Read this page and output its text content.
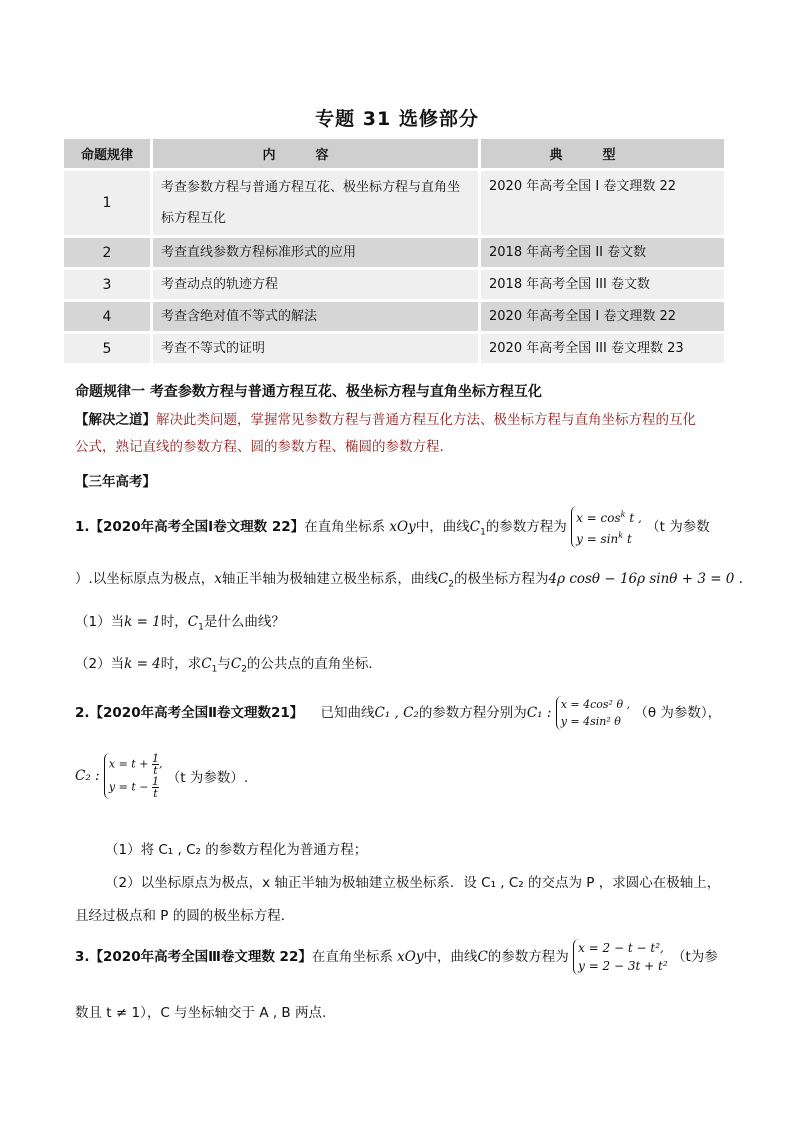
专题 31 选修部分
命题规律	内容	典型
1	考查参数方程与普通方程互花、极坐标方程与直角坐标方程互化	2020 年高考全国 I 卷文理数 22
2	考查直线参数方程标准形式的应用	2018 年高考全国 II 卷文数
3	考查动点的轨迹方程	2018 年高考全国 III 卷文数
4	考查含绝对值不等式的解法	2020 年高考全国 I 卷文理数 22
5	考查不等式的证明	2020 年高考全国 III 卷文理数 23
命题规律一 考查参数方程与普通方程互花、极坐标方程与直角坐标方程互化
【解决之道】解决此类问题，掌握常见参数方程与普通方程互化方法、极坐标方程与直角坐标方程的互化
公式，熟记直线的参数方程、圆的参数方程、椭圆的参数方程.
【三年高考】
1.【2020年高考全国Ⅰ卷文理数 22】在直角坐标系 xOy中，曲线$C_1$的参数方程为 $x = \cos^k t$ ,
$y = \sin^k t$ （t 为参数
）.以坐标原点为极点，x轴正半轴为极轴建立极坐标系，曲线$C_2$的极坐标方程为4ρ cosθ − 16ρ sinθ + 3 = 0 .
（1）当k = 1时，$C_1$是什么曲线？
（2）当k = 4时，求$C_1$与$C_2$的公共点的直角坐标．
2.【2020年高考全国Ⅱ卷文理数21】 已知曲线C₁ , C₂的参数方程分别为C₁ : x = 4cos² θ ,
y = 4sin² θ （θ 为参数），
C₂ : $x = t + \frac{1}{t}$ ,
$y = t - \frac{1}{t} (t$ 为参数）.
（1）将 C₁ , C₂ 的参数方程化为普通方程；
（2）以坐标原点为极点，x 轴正半轴为极轴建立极坐标系．设 C₁ , C₂ 的交点为 P ，求圆心在极轴上，
且经过极点和 P 的圆的极坐标方程．
3.【2020年高考全国Ⅲ卷文理数 22】在直角坐标系 xOy中，曲线C的参数方程为 x = 2 − t − t²,
y = 2 − 3t + t² （t为参
数且 t ≠ 1），C 与坐标轴交于 A , B 两点.
